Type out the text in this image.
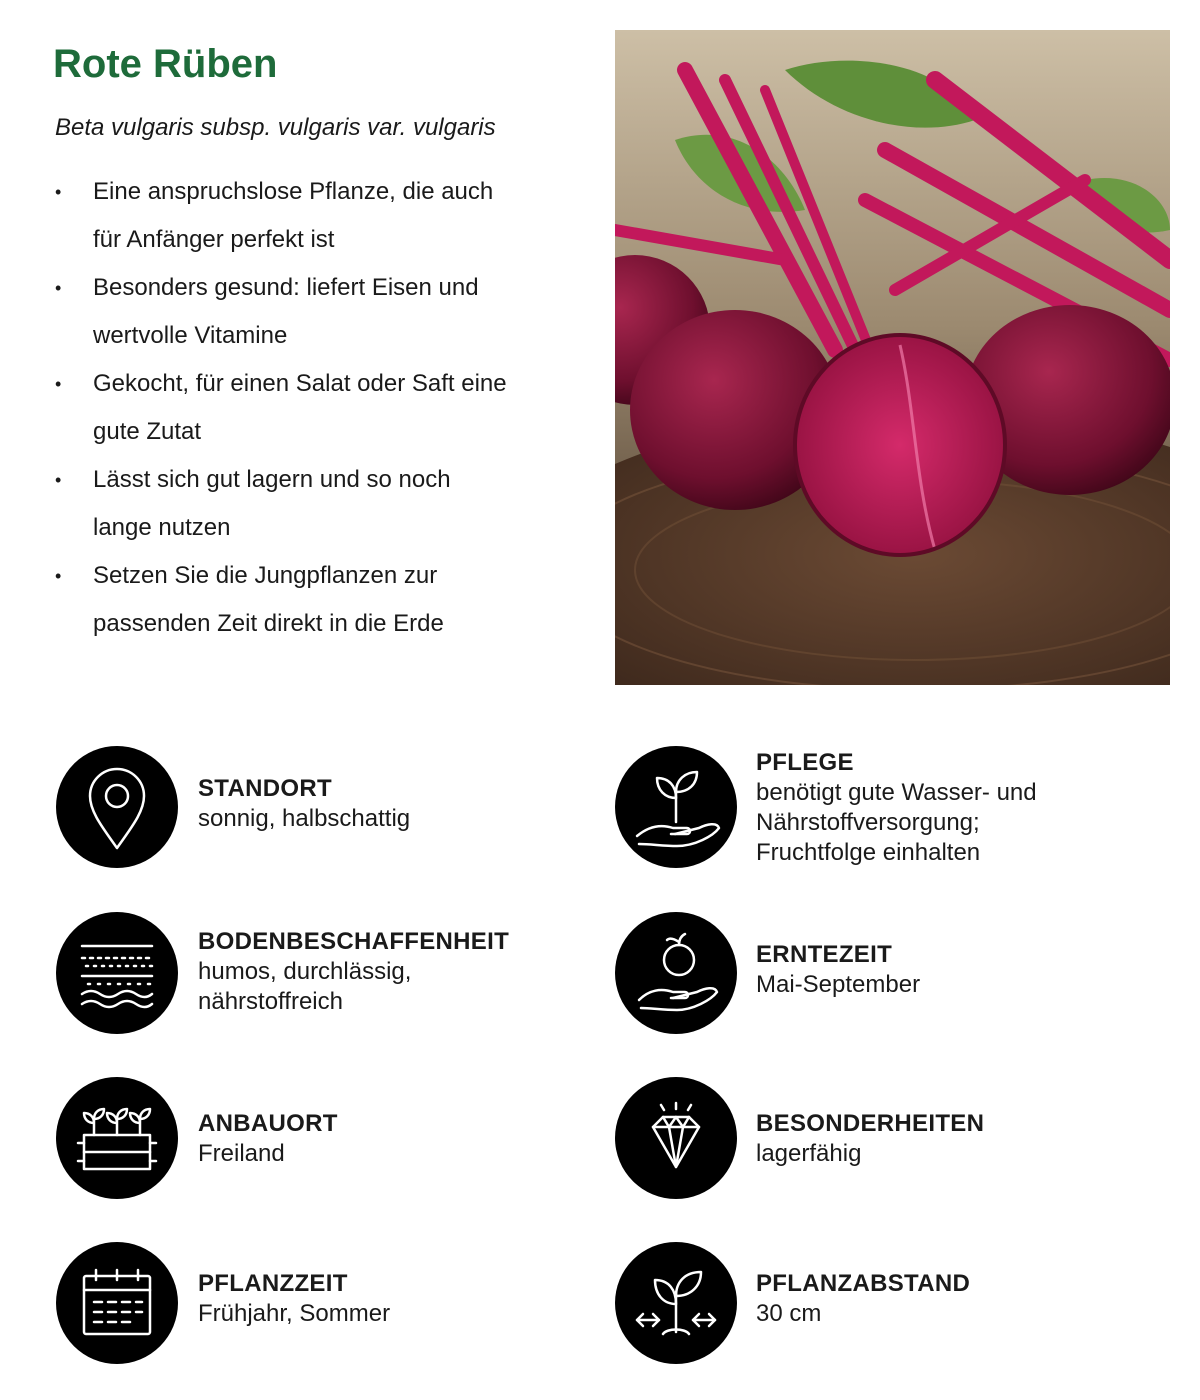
Rote Rüben

Beta vulgaris subsp. vulgaris var. vulgaris

• Eine anspruchslose Pflanze, die auch
für Anfänger perfekt ist
• Besonders gesund: liefert Eisen und
wertvolle Vitamine
• Gekocht, für einen Salat oder Saft eine
gute Zutat
• Lässt sich gut lagern und so noch
lange nutzen
• Setzen Sie die Jungpflanzen zur
passenden Zeit direkt in die Erde
STANDORT
sonnig, halbschattig
PFLEGE
benötigt gute Wasser- und
Nährstoffversorgung;
Fruchtfolge einhalten
BODENBESCHAFFENHEIT
humos, durchlässig,
nährstoffreich
ERNTEZEIT
Mai-September
ANBAUORT
Freiland
BESONDERHEITEN
lagerfähig
PFLANZZEIT
Frühjahr, Sommer
PFLANZABSTAND
30 cm
